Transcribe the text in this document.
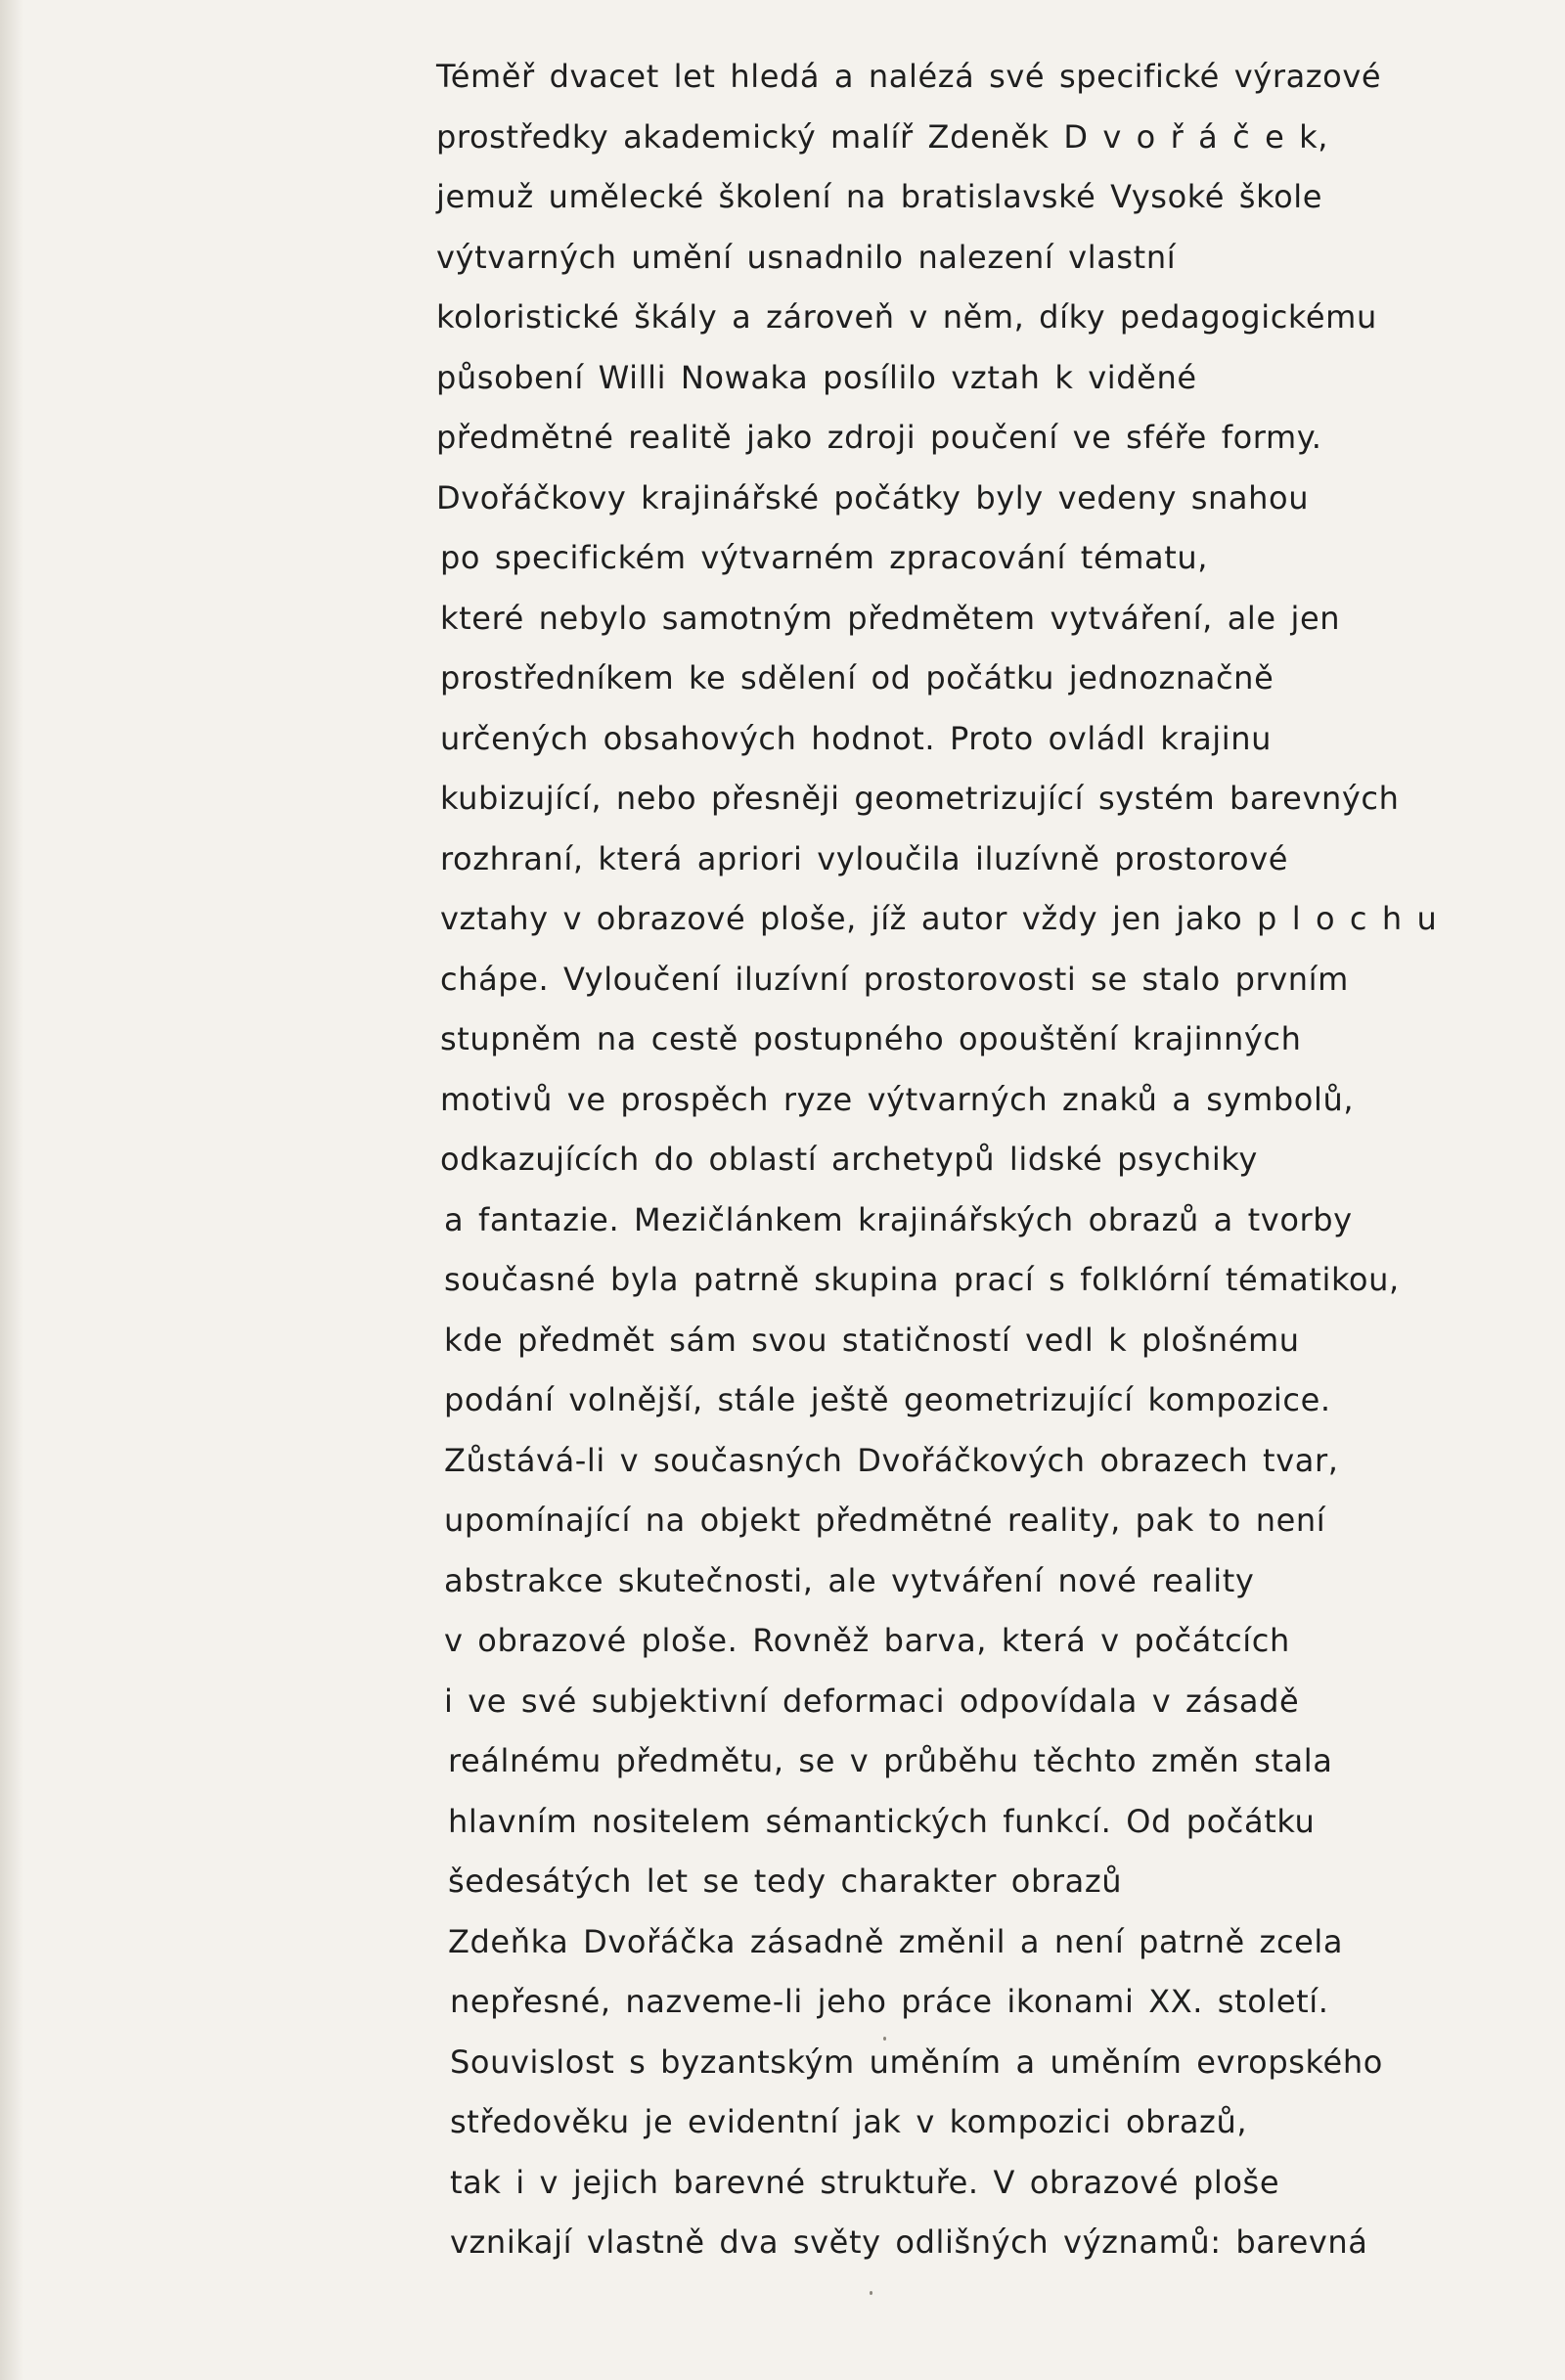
Téměř dvacet let hledá a nalézá své specifické výrazové
prostředky akademický malíř Zdeněk D v o ř á č e k,
jemuž umělecké školení na bratislavské Vysoké škole
výtvarných umění usnadnilo nalezení vlastní
koloristické škály a zároveň v něm, díky pedagogickému
působení Willi Nowaka posílilo vztah k viděné
předmětné realitě jako zdroji poučení ve sféře formy.
Dvořáčkovy krajinářské počátky byly vedeny snahou
po specifickém výtvarném zpracování tématu,
které nebylo samotným předmětem vytváření, ale jen
prostředníkem ke sdělení od počátku jednoznačně
určených obsahových hodnot. Proto ovládl krajinu
kubizující, nebo přesněji geometrizující systém barevných
rozhraní, která apriori vyloučila iluzívně prostorové
vztahy v obrazové ploše, jíž autor vždy jen jako p l o c h u
chápe. Vyloučení iluzívní prostorovosti se stalo prvním
stupněm na cestě postupného opouštění krajinných
motivů ve prospěch ryze výtvarných znaků a symbolů,
odkazujících do oblastí archetypů lidské psychiky
a fantazie. Mezičlánkem krajinářských obrazů a tvorby
současné byla patrně skupina prací s folklórní tématikou,
kde předmět sám svou statičností vedl k plošnému
podání volnější, stále ještě geometrizující kompozice.
Zůstává-li v současných Dvořáčkových obrazech tvar,
upomínající na objekt předmětné reality, pak to není
abstrakce skutečnosti, ale vytváření nové reality
v obrazové ploše. Rovněž barva, která v počátcích
i ve své subjektivní deformaci odpovídala v zásadě
reálnému předmětu, se v průběhu těchto změn stala
hlavním nositelem sémantických funkcí. Od počátku
šedesátých let se tedy charakter obrazů
Zdeňka Dvořáčka zásadně změnil a není patrně zcela
nepřesné, nazveme-li jeho práce ikonami XX. století.
Souvislost s byzantským uměním a uměním evropského
středověku je evidentní jak v kompozici obrazů,
tak i v jejich barevné struktuře. V obrazové ploše
vznikají vlastně dva světy odlišných významů: barevná
